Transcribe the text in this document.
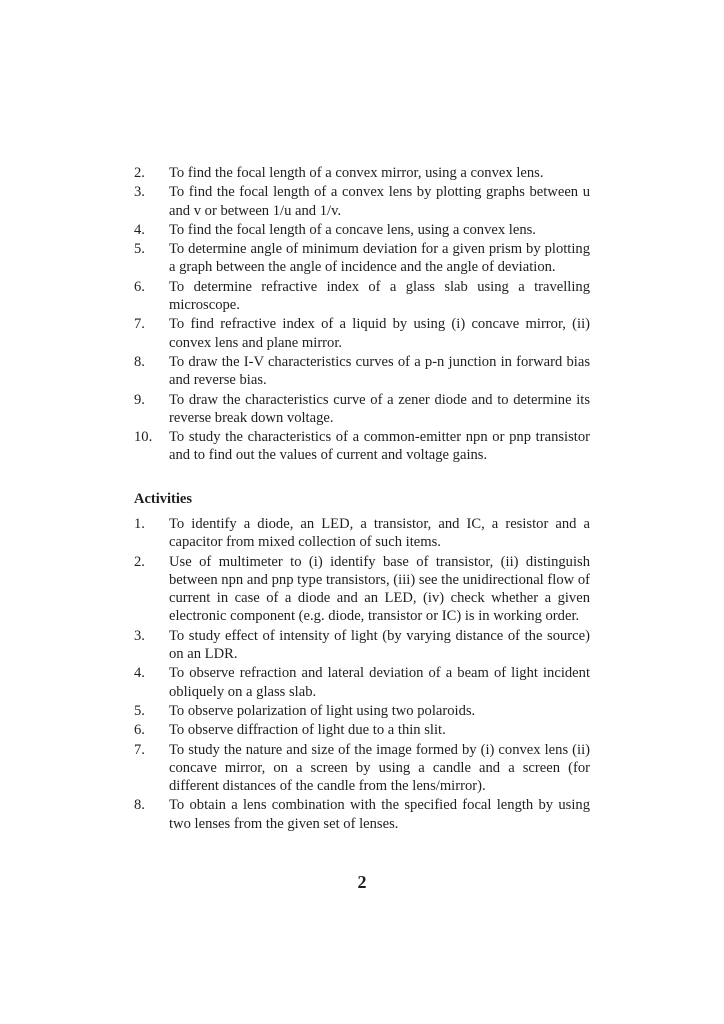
2.	To find the focal length of a convex mirror, using a convex lens.
3.	To find the focal length of a convex lens by plotting graphs between u and v or between 1/u and 1/v.
4.	To find the focal length of a concave lens, using a convex lens.
5.	To determine angle of minimum deviation for a given prism by plotting a graph between the angle of incidence and the angle of deviation.
6.	To determine refractive index of a glass slab using a travelling microscope.
7.	To find refractive index of a liquid by using (i) concave mirror, (ii) convex lens and plane mirror.
8.	To draw the I-V characteristics curves of a p-n junction in forward bias and reverse bias.
9.	To draw the characteristics curve of a zener diode and to determine its reverse break down voltage.
10.	To study the characteristics of a common-emitter npn or pnp transistor and to find out the values of current and voltage gains.
Activities
1.	To identify a diode, an LED, a transistor, and IC, a resistor and a capacitor from mixed collection of such items.
2.	Use of multimeter to (i) identify base of transistor, (ii) distinguish between npn and pnp type transistors, (iii) see the unidirectional flow of current in case of a diode and an LED, (iv) check whether a given electronic component (e.g. diode, transistor or IC) is in working order.
3.	To study effect of intensity of light (by varying distance of the source) on an LDR.
4.	To observe refraction and lateral deviation of a beam of light incident obliquely on a glass slab.
5.	To observe polarization of light using two polaroids.
6.	To observe diffraction of light due to a thin slit.
7.	To study the nature and size of the image formed by (i) convex lens (ii) concave mirror, on a screen by using a candle and a screen (for different distances of the candle from the lens/mirror).
8.	To obtain a lens combination with the specified focal length by using two lenses from the given set of lenses.

2
